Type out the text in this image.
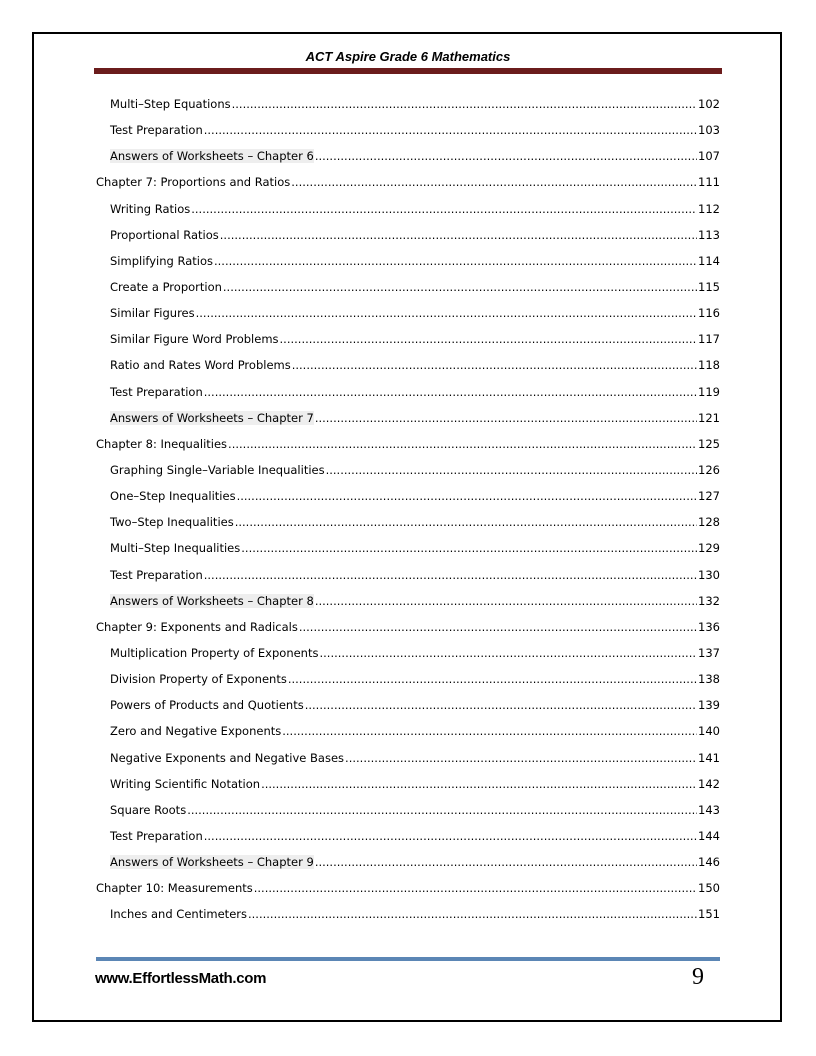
ACT Aspire Grade 6 Mathematics
Multi–Step Equations .....	102
Test Preparation .....	103
Answers of Worksheets – Chapter 6 .....	107
Chapter 7: Proportions and Ratios .....	111
Writing Ratios .....	112
Proportional Ratios .....	113
Simplifying Ratios .....	114
Create a Proportion .....	115
Similar Figures .....	116
Similar Figure Word Problems .....	117
Ratio and Rates Word Problems .....	118
Test Preparation .....	119
Answers of Worksheets – Chapter 7 .....	121
Chapter 8: Inequalities .....	125
Graphing Single–Variable Inequalities .....	126
One–Step Inequalities .....	127
Two–Step Inequalities .....	128
Multi–Step Inequalities .....	129
Test Preparation .....	130
Answers of Worksheets – Chapter 8 .....	132
Chapter 9: Exponents and Radicals .....	136
Multiplication Property of Exponents .....	137
Division Property of Exponents .....	138
Powers of Products and Quotients .....	139
Zero and Negative Exponents .....	140
Negative Exponents and Negative Bases .....	141
Writing Scientific Notation .....	142
Square Roots .....	143
Test Preparation .....	144
Answers of Worksheets – Chapter 9 .....	146
Chapter 10: Measurements .....	150
Inches and Centimeters .....	151
www.EffortlessMath.com	9
